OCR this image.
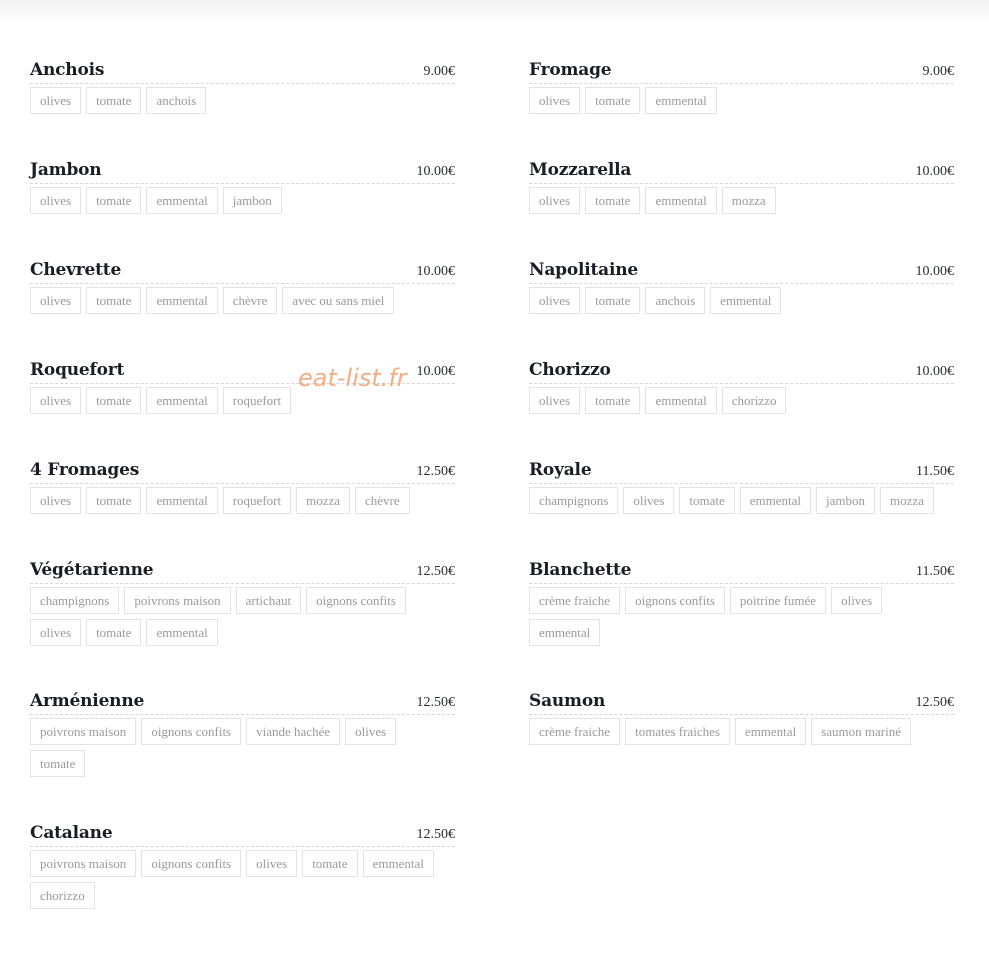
Anchois	9.00€
olives	tomate	anchois
Jambon	10.00€
olives	tomate	emmental	jambon
Chevrette	10.00€
olives	tomate	emmental	chèvre	avec ou sans miel
Roquefort	10.00€
olives	tomate	emmental	roquefort
4 Fromages	12.50€
olives	tomate	emmental	roquefort	mozza	chèvre
Végétarienne	12.50€
champignons	poivrons maison	artichaut	oignons confits
olives	tomate	emmental
Arménienne	12.50€
poivrons maison	oignons confits	viande hachée	olives
tomate
Catalane	12.50€
poivrons maison	oignons confits	olives	tomate	emmental
chorizzo
Fromage	9.00€
olives	tomate	emmental
Mozzarella	10.00€
olives	tomate	emmental	mozza
Napolitaine	10.00€
olives	tomate	anchois	emmental
Chorizzo	10.00€
olives	tomate	emmental	chorizzo
Royale	11.50€
champignons	olives	tomate	emmental	jambon	mozza
Blanchette	11.50€
crème fraiche	oignons confits	poitrine fumée	olives
emmental
Saumon	12.50€
crème fraiche	tomates fraiches	emmental	saumon mariné
eat-list.fr
